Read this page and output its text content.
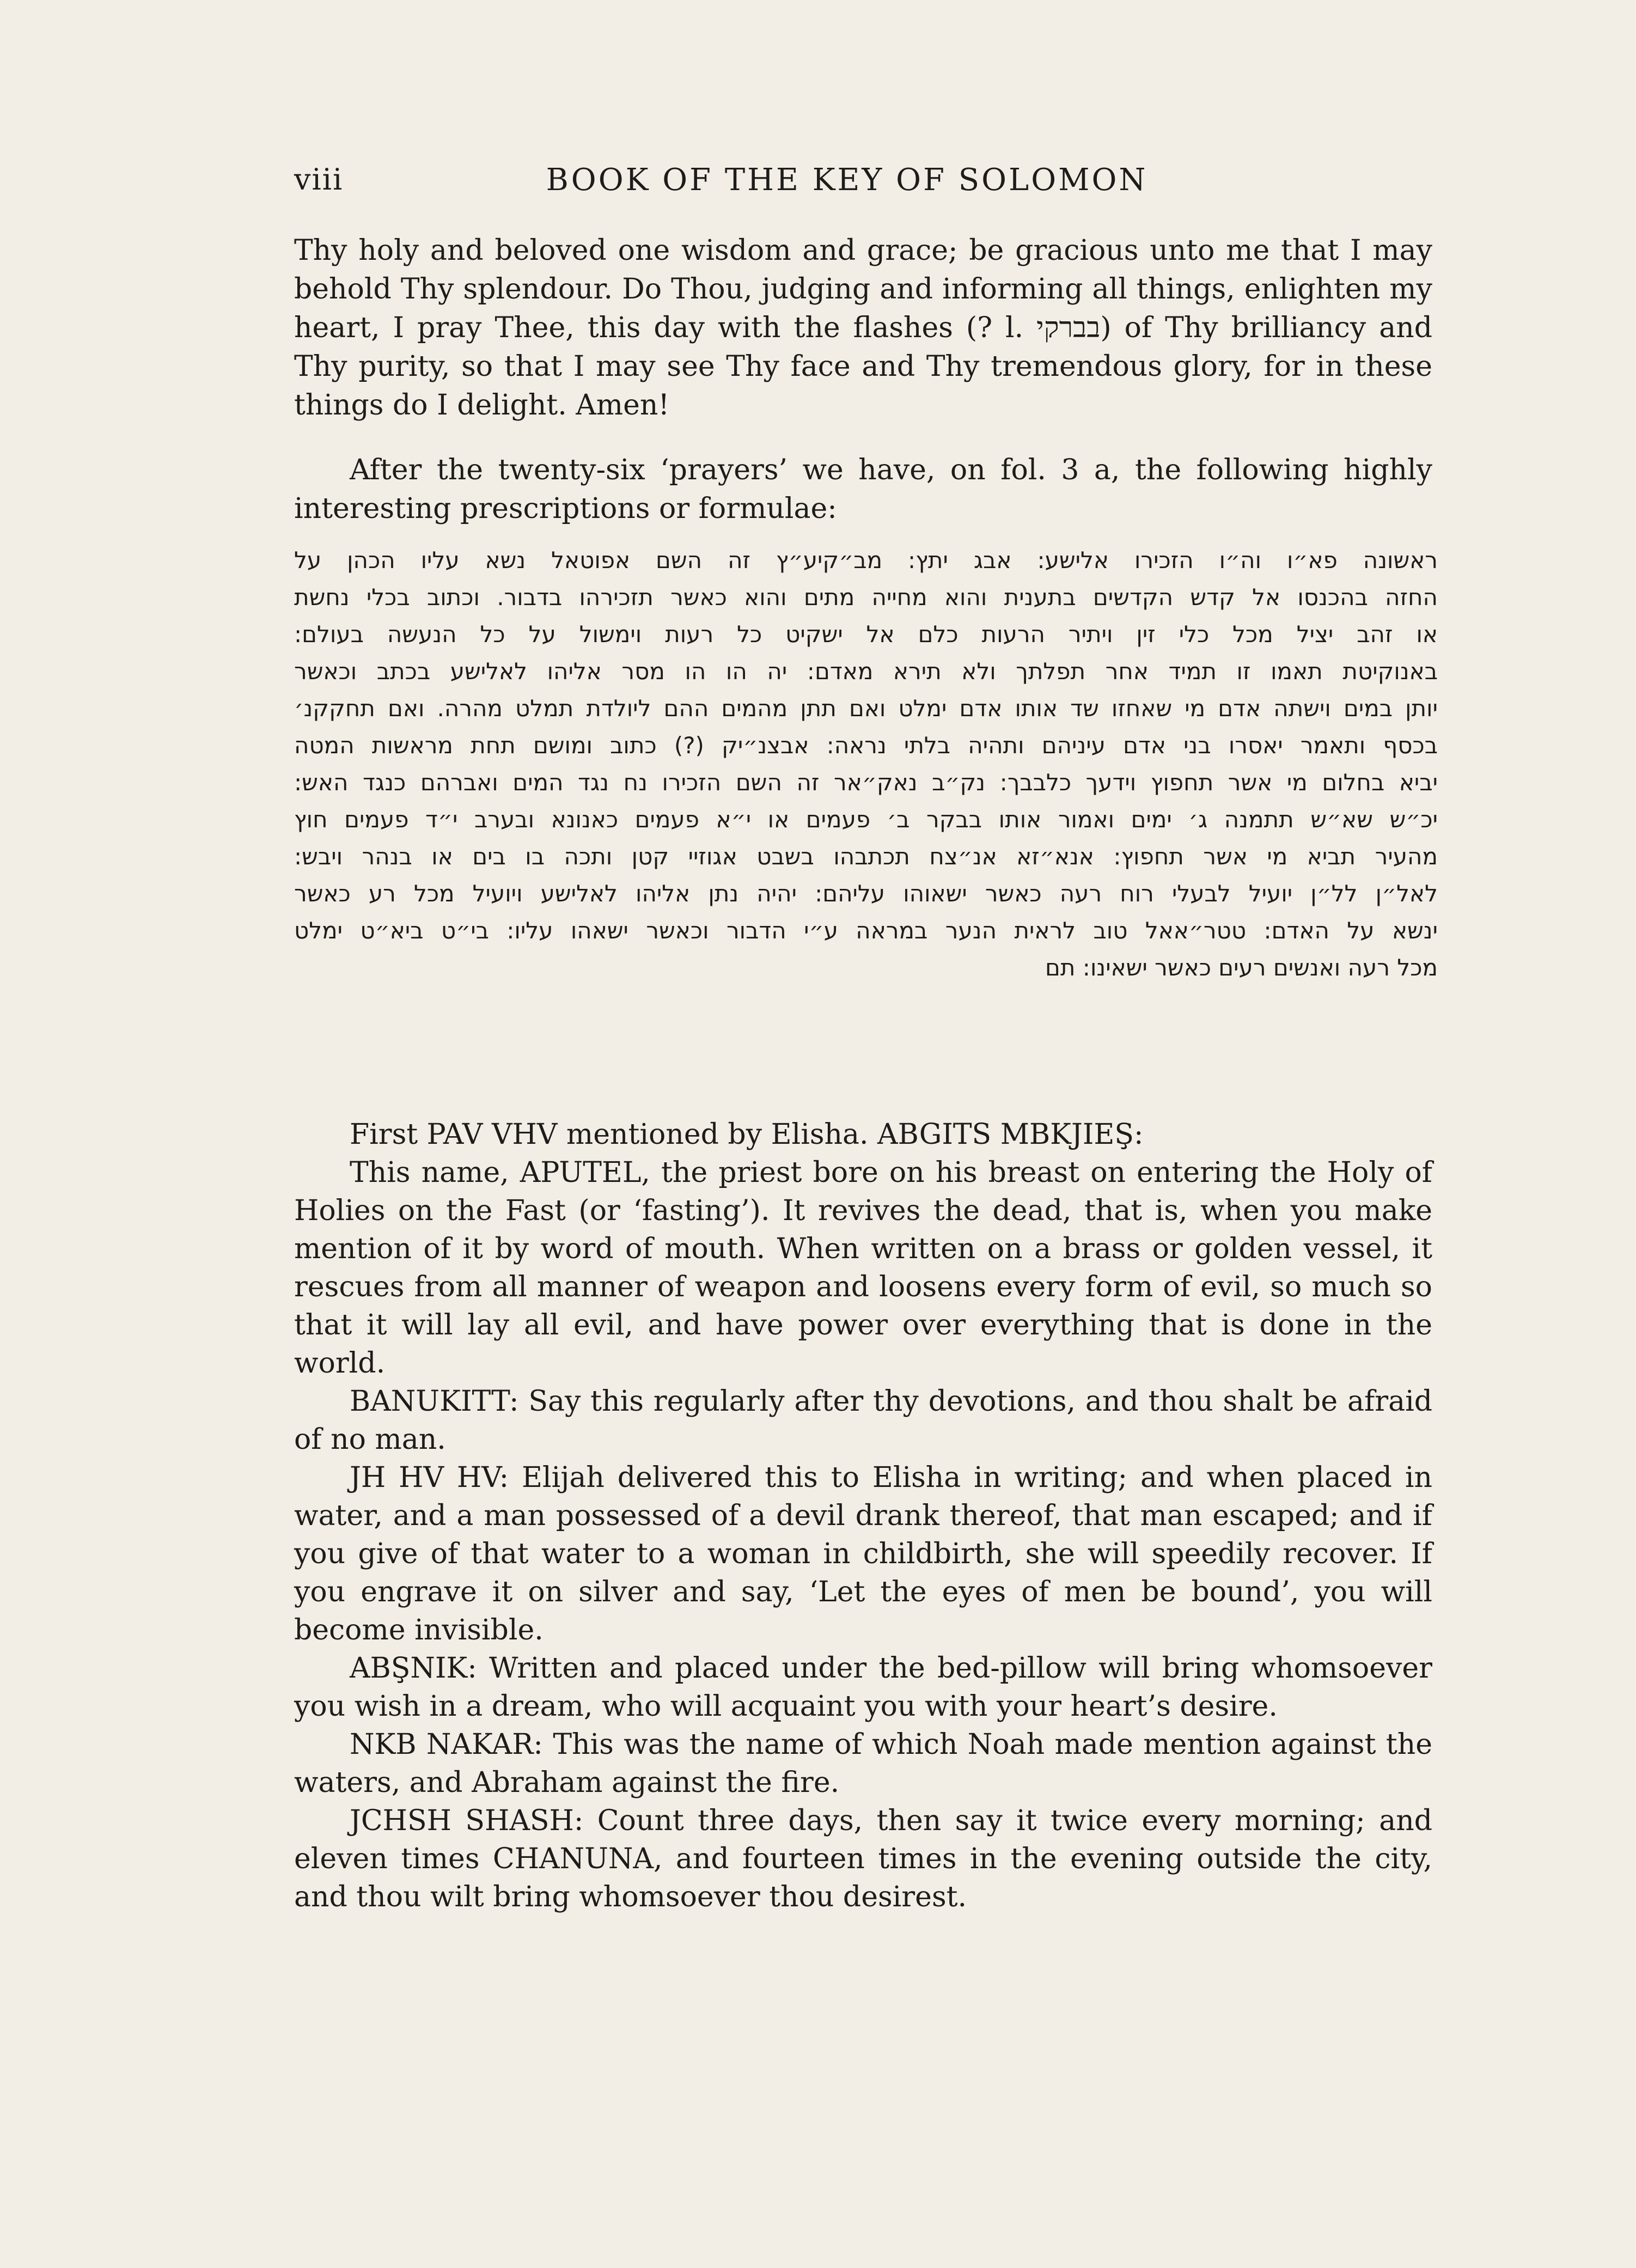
viii	BOOK OF THE KEY OF SOLOMON

Thy holy and beloved one wisdom and grace; be gracious unto me that I may behold Thy splendour. Do Thou, judging and informing all things, enlighten my heart, I pray Thee, this day with the flashes (? l. בברקי) of Thy brilliancy and Thy purity, so that I may see Thy face and Thy tremendous glory, for in these things do I delight. Amen!

After the twenty-six ‘prayers’ we have, on fol. 3 a, the following highly interesting prescriptions or formulae:

ראשונה פא״ו וה״ו הזכירו אלישע: אבג יתץ: מב״קיע״ץ זה השם אפוטאל נשא עליו הכהן על
החזה בהכנסו אל קדש הקדשים בתענית והוא מחייה מתים והוא כאשר תזכירהו בדבור. וכתוב בכלי נחשת
או זהב יציל מכל כלי זין ויתיר הרעות כלם אל ישקיט כל רעות וימשול על כל הנעשה בעולם:
באנוקיטת תאמו זו תמיד אחר תפלתך ולא תירא מאדם: יה הו הו מסר אליהו לאלישע בכתב וכאשר
יותן במים וישתה אדם מי שאחזו שד אותו אדם ימלט ואם תתן מהמים ההם ליולדת תמלט מהרה. ואם תחקקנ׳
בכסף ותאמר יאסרו בני אדם עיניהם ותהיה בלתי נראה: אבצנ״יק (?) כתוב ומושם תחת מראשות המטה
יביא בחלום מי אשר תחפוץ וידעך כלבבך: נק״ב נאק״אר זה השם הזכירו נח נגד המים ואברהם כנגד האש:
יכ״ש שא״ש תתמנה ג׳ ימים ואמור אותו בבקר ב׳ פעמים או י״א פעמים כאנונא ובערב י״ד פעמים חוץ
מהעיר תביא מי אשר תחפוץ: אנא״זא אנ״צח תכתבהו בשבט אגוזיי קטן ותכה בו בים או בנהר ויבש:
לאל״ן לל״ן יועיל לבעלי רוח רעה כאשר ישאוהו עליהם: יהיה נתן אליהו לאלישע ויועיל מכל רע כאשר
ינשא על האדם: טטר״אאל טוב לראית הנער במראה ע״י הדבור וכאשר ישאהו עליו: בי״ט ביא״ט ימלט
מכל רעה ואנשים רעים כאשר ישאינו: תם

First PAV VHV mentioned by Elisha. ABGITS MBKJIEŞ:

This name, APUTEL, the priest bore on his breast on entering the Holy of Holies on the Fast (or ‘fasting’). It revives the dead, that is, when you make mention of it by word of mouth. When written on a brass or golden vessel, it rescues from all manner of weapon and loosens every form of evil, so much so that it will lay all evil, and have power over everything that is done in the world.

BANUKITT: Say this regularly after thy devotions, and thou shalt be afraid of no man.

JH HV HV: Elijah delivered this to Elisha in writing; and when placed in water, and a man possessed of a devil drank thereof, that man escaped; and if you give of that water to a woman in childbirth, she will speedily recover. If you engrave it on silver and say, ‘Let the eyes of men be bound’, you will become invisible.

ABŞNIK: Written and placed under the bed-pillow will bring whomsoever you wish in a dream, who will acquaint you with your heart’s desire.

NKB NAKAR: This was the name of which Noah made mention against the waters, and Abraham against the fire.

JCHSH SHASH: Count three days, then say it twice every morning; and eleven times CHANUNA, and fourteen times in the evening outside the city, and thou wilt bring whomsoever thou desirest.
